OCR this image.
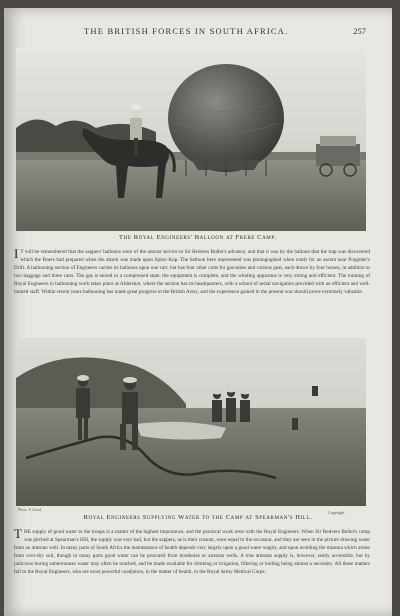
THE BRITISH FORCES IN SOUTH AFRICA.	257
The Royal Engineers' Balloon at Frere Camp.

I T will be remembered that the sappers' balloons were of the utmost service to Sir Redvers Buller's advance, and that it was by the balloon that the trap was discovered which the Boers had prepared when the attack was made upon Spion Kop. The balloon here represented was photographed when ready for an ascent near Potgieter's Drift. A ballooning section of Engineers carries its balloons upon one cart, but has four other carts for gas-tubes and various gear, each drawn by four horses, in addition to two baggage and three carts. The gas is stored in a compressed state, the equipment is complete, and the winding apparatus is very strong and efficient. The training of Royal Engineers in ballooning work takes place at Aldershot, where the section has its headquarters, with a school of aerial navigation provided with an efficient and well-trained staff. Within recent years ballooning has made great progress in the British Army, and the experience gained in the present war should prove extremely valuable.

Photo. F. Good.	Copyright.
Royal Engineers Supplying Water to the Camp at Spearman's Hill.

THE supply of good water to the troops is a matter of the highest importance, and the practical work rests with the Royal Engineers. When Sir Redvers Buller's camp was pitched at Spearman's Hill, the supply was very bad, but the sappers, as is their custom, were equal to the occasion, and they are seen in the picture drawing water from an artesian well. In many parts of South Africa the maintenance of health depends very largely upon a good water supply, and upon avoiding the miasma which arises from over-dry soil, though in many parts good water can be procured from boreholes or artesian wells. A true artesian supply is, however, rarely accessible, but by judicious boring subterranean water may often be reached, and be made available for drinking or irrigation, filtering or boiling being almost a necessity. All these matters fall to the Royal Engineers, who are most powerful coadjutors, in the matter of health, to the Royal Army Medical Corps.
